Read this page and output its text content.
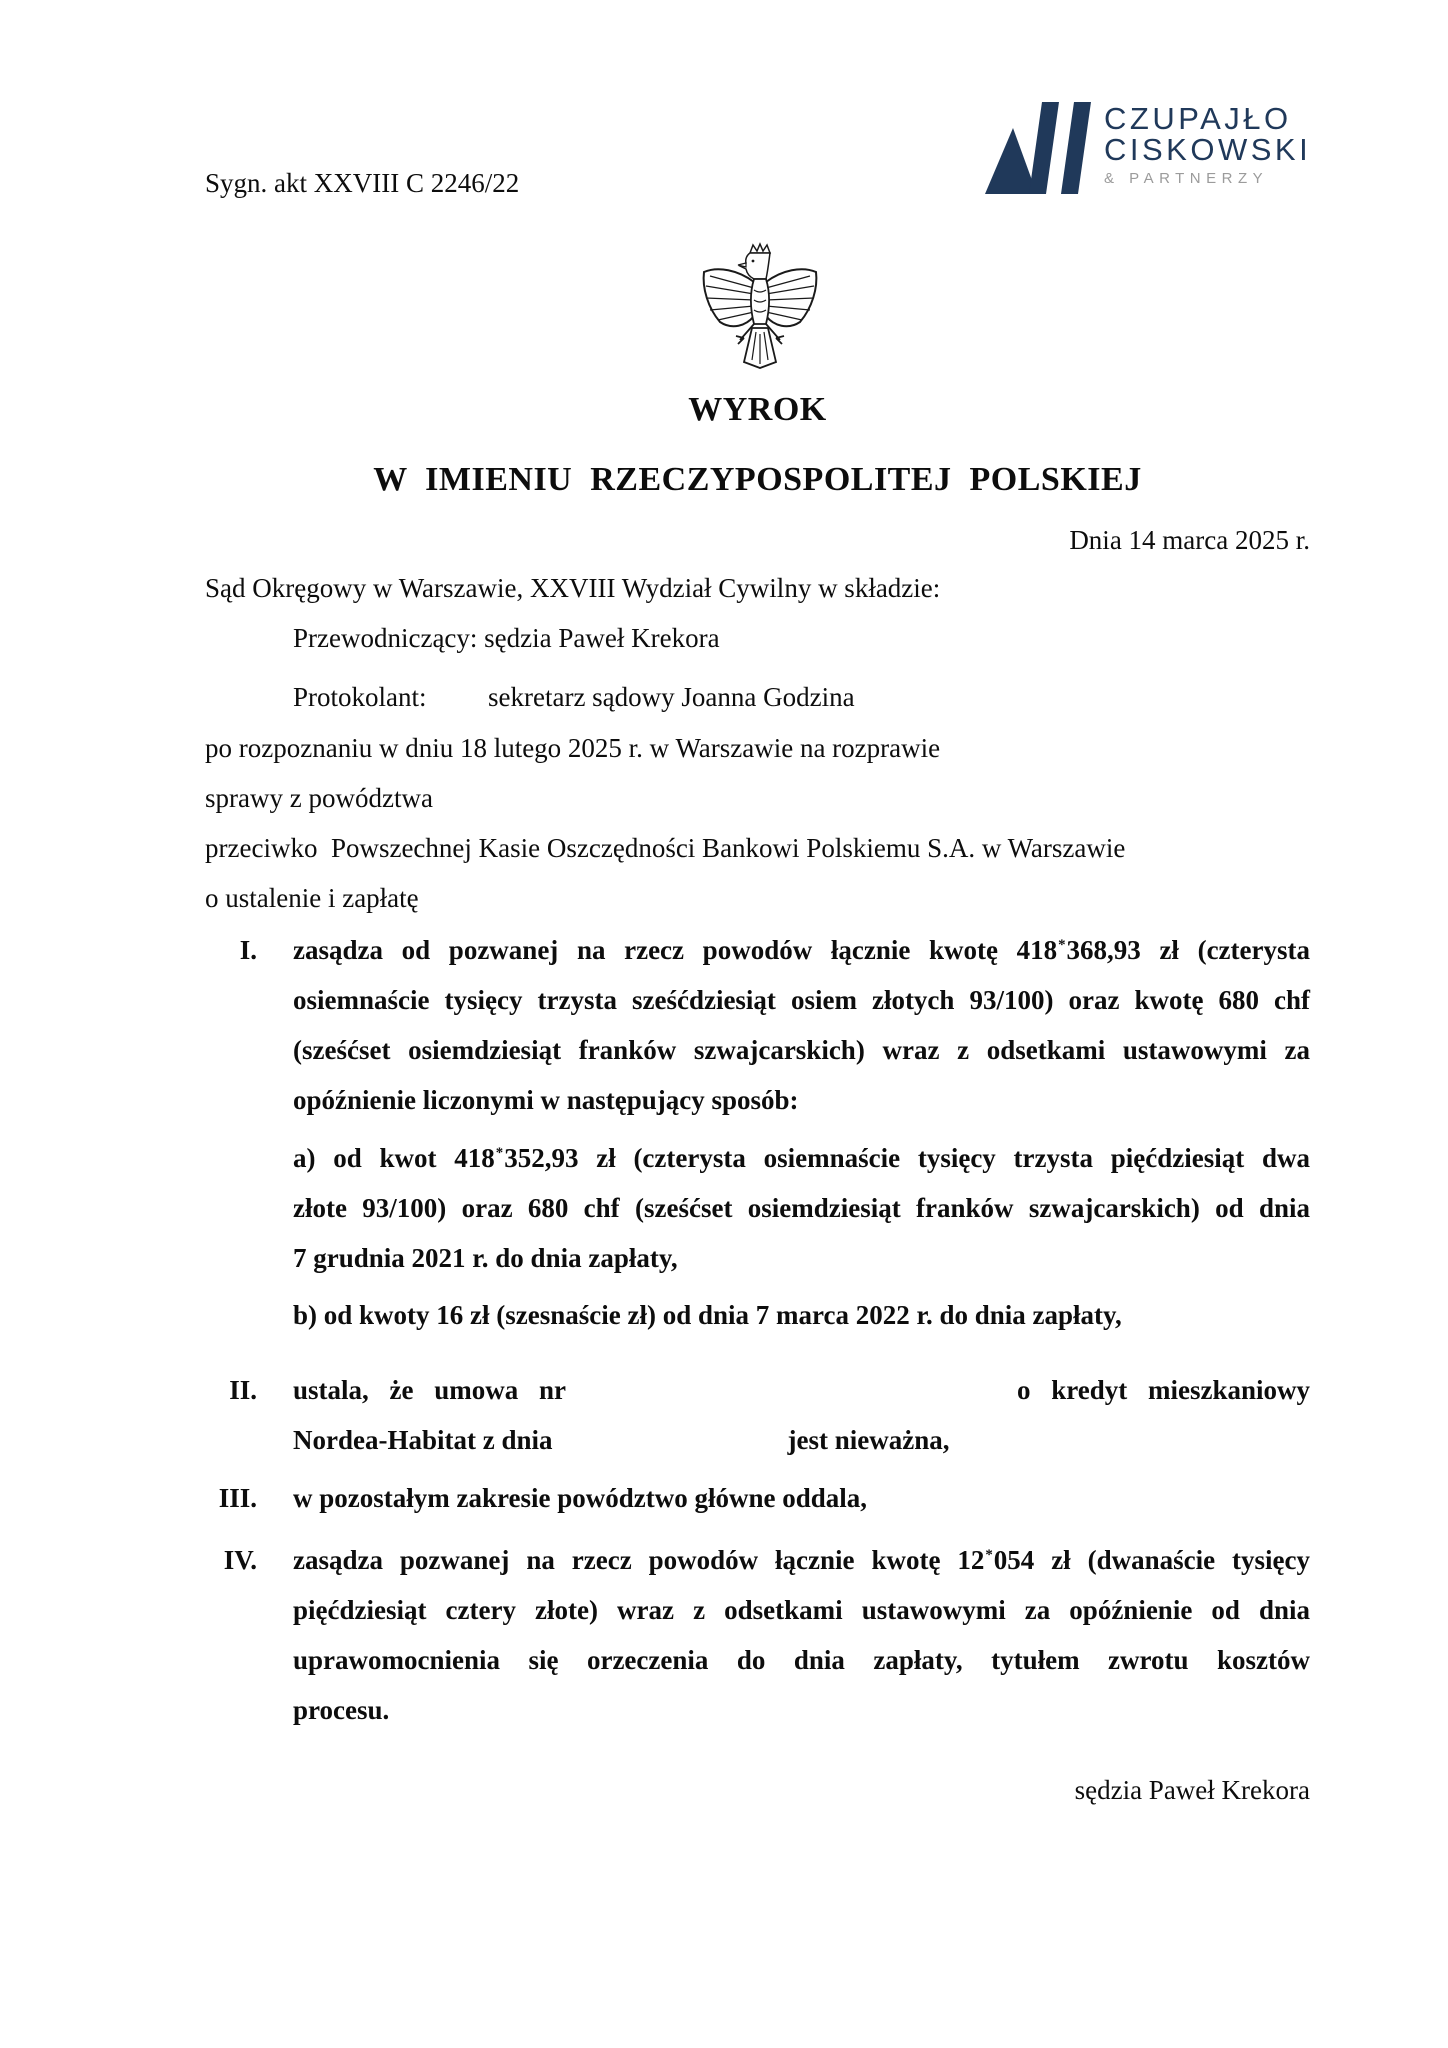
Sygn. akt XXVIII C 2246/22
CZUPAJŁO
CISKOWSKI
& PARTNERZY
WYROK
W IMIENIU RZECZYPOSPOLITEJ POLSKIEJ
Dnia 14 marca 2025 r.
Sąd Okręgowy w Warszawie, XXVIII Wydział Cywilny w składzie:
Przewodniczący: sędzia Paweł Krekora
Protokolant: sekretarz sądowy Joanna Godzina
po rozpoznaniu w dniu 18 lutego 2025 r. w Warszawie na rozprawie
sprawy z powództwa
przeciwko  Powszechnej Kasie Oszczędności Bankowi Polskiemu S.A. w Warszawie
o ustalenie i zapłatę
I. zasądza od pozwanej na rzecz powodów łącznie kwotę 418*368,93 zł (czterysta
osiemnaście tysięcy trzysta sześćdziesiąt osiem złotych 93/100) oraz kwotę 680 chf
(sześćset osiemdziesiąt franków szwajcarskich) wraz z odsetkami ustawowymi za
opóźnienie liczonymi w następujący sposób:
a) od kwot 418*352,93 zł (czterysta osiemnaście tysięcy trzysta pięćdziesiąt dwa
złote 93/100) oraz 680 chf (sześćset osiemdziesiąt franków szwajcarskich) od dnia
7 grudnia 2021 r. do dnia zapłaty,
b) od kwoty 16 zł (szesnaście zł) od dnia 7 marca 2022 r. do dnia zapłaty,
II. ustala, że umowa nr	o kredyt mieszkaniowy
Nordea-Habitat z dnia	jest nieważna,
III. w pozostałym zakresie powództwo główne oddala,
IV. zasądza pozwanej na rzecz powodów łącznie kwotę 12*054 zł (dwanaście tysięcy
pięćdziesiąt cztery złote) wraz z odsetkami ustawowymi za opóźnienie od dnia
uprawomocnienia się orzeczenia do dnia zapłaty, tytułem zwrotu kosztów
procesu.
sędzia Paweł Krekora
